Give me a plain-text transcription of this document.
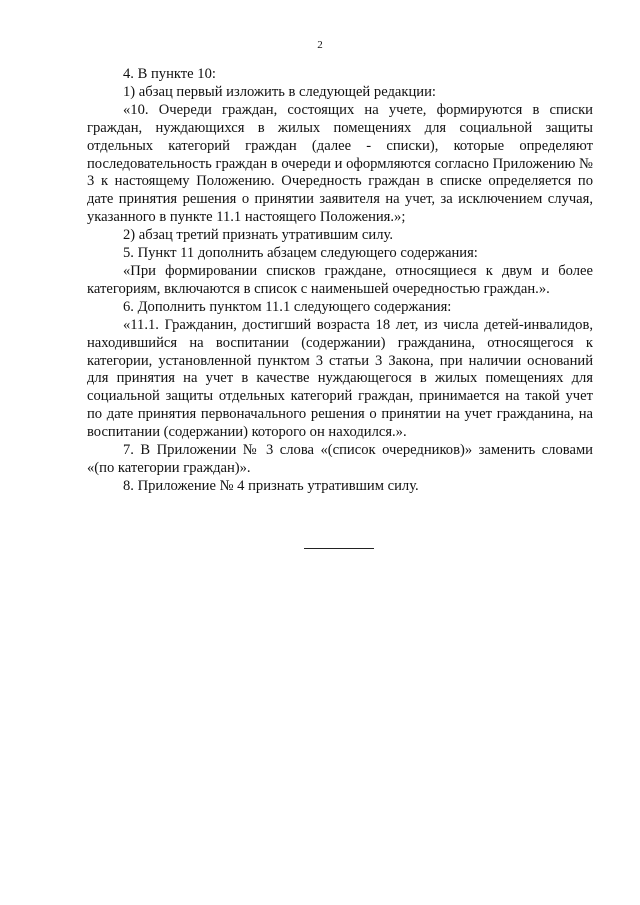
2

4. В пункте 10:

1) абзац первый изложить в следующей редакции:

«10. Очереди граждан, состоящих на учете, формируются в списки граждан, нуждающихся в жилых помещениях для социальной защиты отдельных категорий граждан (далее - списки), которые определяют последовательность граждан в очереди и оформляются согласно Приложению № 3 к настоящему Положению. Очередность граждан в списке определяется по дате принятия решения о принятии заявителя на учет, за исключением случая, указанного в пункте 11.1 настоящего Положения.»;

2) абзац третий признать утратившим силу.

5. Пункт 11 дополнить абзацем следующего содержания:

«При формировании списков граждане, относящиеся к двум и более категориям, включаются в список с наименьшей очередностью граждан.».

6. Дополнить пунктом 11.1 следующего содержания:

«11.1. Гражданин, достигший возраста 18 лет, из числа детей-инвалидов, находившийся на воспитании (содержании) гражданина, относящегося к категории, установленной пунктом 3 статьи 3 Закона, при наличии оснований для принятия на учет в качестве нуждающегося в жилых помещениях для социальной защиты отдельных категорий граждан, принимается на такой учет по дате принятия первоначального решения о принятии на учет гражданина, на воспитании (содержании) которого он находился.».

7. В Приложении № 3 слова «(список очередников)» заменить словами «(по категории граждан)».

8. Приложение № 4 признать утратившим силу.
